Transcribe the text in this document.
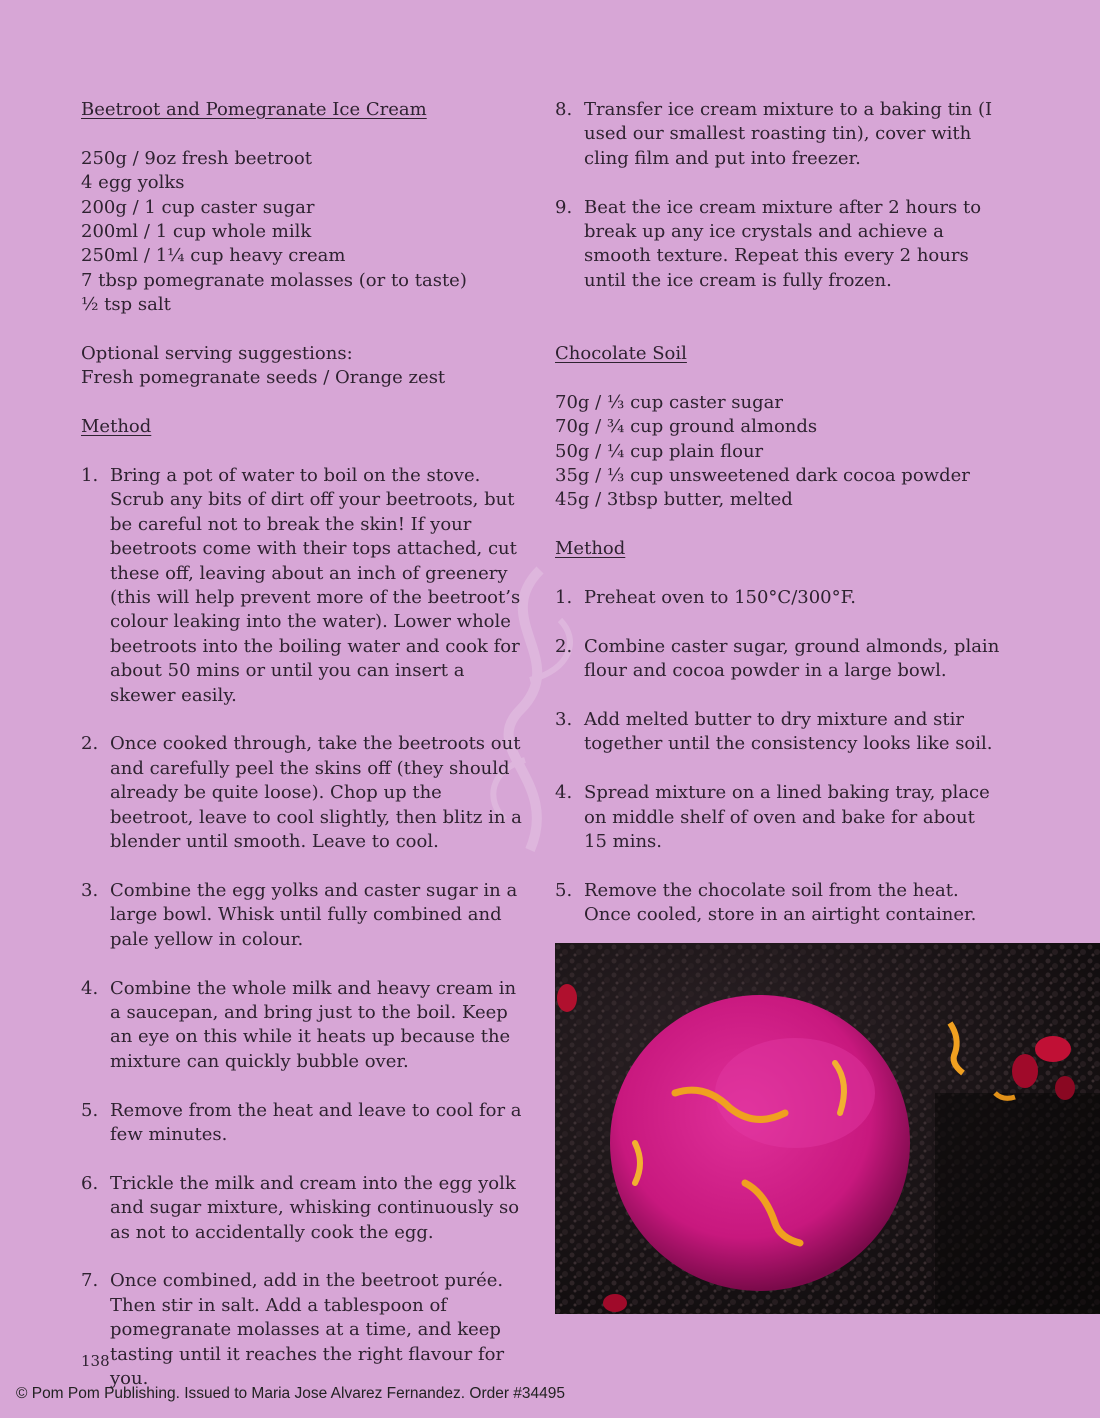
Beetroot and Pomegranate Ice Cream

250g / 9oz fresh beetroot
4 egg yolks
200g / 1 cup caster sugar
200ml / 1 cup whole milk
250ml / 1¼ cup heavy cream
7 tbsp pomegranate molasses (or to taste)
½ tsp salt

Optional serving suggestions:

Fresh pomegranate seeds / Orange zest

Method

1. Bring a pot of water to boil on the stove. Scrub any bits of dirt off your beetroots, but be careful not to break the skin! If your beetroots come with their tops attached, cut these off, leaving about an inch of greenery (this will help prevent more of the beetroot’s colour leaking into the water). Lower whole beetroots into the boiling water and cook for about 50 mins or until you can insert a skewer easily.
2. Once cooked through, take the beetroots out and carefully peel the skins off (they should already be quite loose). Chop up the beetroot, leave to cool slightly, then blitz in a blender until smooth. Leave to cool.
3. Combine the egg yolks and caster sugar in a large bowl. Whisk until fully combined and pale yellow in colour.
4. Combine the whole milk and heavy cream in a saucepan, and bring just to the boil. Keep an eye on this while it heats up because the mixture can quickly bubble over.
5. Remove from the heat and leave to cool for a few minutes.
6. Trickle the milk and cream into the egg yolk and sugar mixture, whisking continuously so as not to accidentally cook the egg.
7. Once combined, add in the beetroot purée. Then stir in salt. Add a tablespoon of pomegranate molasses at a time, and keep tasting until it reaches the right flavour for you.
8. Transfer ice cream mixture to a baking tin (I used our smallest roasting tin), cover with cling film and put into freezer.
9. Beat the ice cream mixture after 2 hours to break up any ice crystals and achieve a smooth texture. Repeat this every 2 hours until the ice cream is fully frozen.

Chocolate Soil

70g / ⅓ cup caster sugar
70g / ¾ cup ground almonds
50g / ¼ cup plain flour
35g / ⅓ cup unsweetened dark cocoa powder
45g / 3tbsp butter, melted

Method

1. Preheat oven to 150°C/300°F.
2. Combine caster sugar, ground almonds, plain flour and cocoa powder in a large bowl.
3. Add melted butter to dry mixture and stir together until the consistency looks like soil.
4. Spread mixture on a lined baking tray, place on middle shelf of oven and bake for about 15 mins.
5. Remove the chocolate soil from the heat. Once cooled, store in an airtight container.
138
© Pom Pom Publishing. Issued to Maria Jose Alvarez Fernandez. Order #34495
